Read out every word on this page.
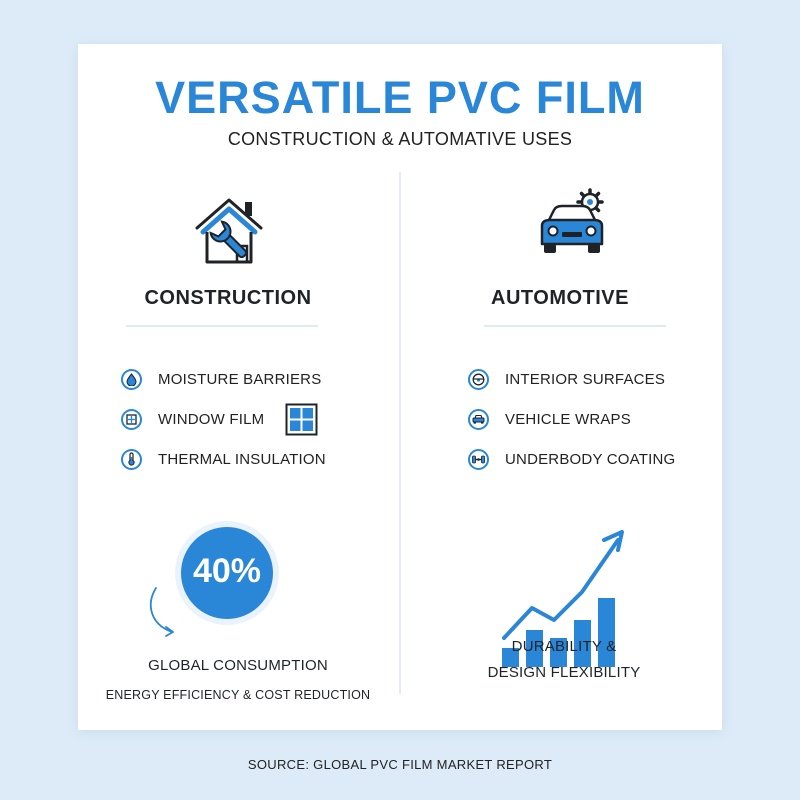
VERSATILE PVC FILM
CONSTRUCTION & AUTOMATIVE USES
CONSTRUCTION
MOISTURE BARRIERS
WINDOW FILM
THERMAL INSULATION
40%
GLOBAL CONSUMPTION
ENERGY EFFICIENCY & COST REDUCTION
AUTOMOTIVE
INTERIOR SURFACES
VEHICLE WRAPS
UNDERBODY COATING
DURABILITY &
DESIGN FLEXIBILITY
SOURCE: GLOBAL PVC FILM MARKET REPORT
